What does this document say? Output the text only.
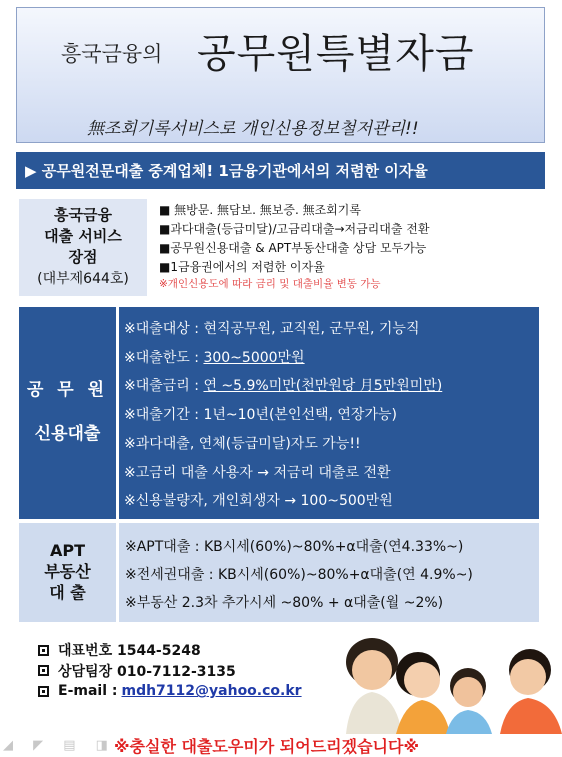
흥국금융의 공무원특별자금
無조회기록서비스로 개인신용정보철저관리!!
▶ 공무원전문대출 중계업체! 1금융기관에서의 저렴한 이자율
흥국금융
대출 서비스
장점
(대부제644호)
■ 無방문. 無담보. 無보증. 無조회기록
■과다대출(등급미달)/고금리대출→저금리대출 전환
■공무원신용대출 & APT부동산대출 상담 모두가능
■1금융권에서의 저렴한 이자율
※개인신용도에 따라 금리 및 대출비율 변동 가능
공 무 원
신용대출
※대출대상 : 현직공무원, 교직원, 군무원, 기능직
※대출한도 : 300~5000만원
※대출금리 : 연 ~5.9%미만(천만원당 月5만원미만)
※대출기간 : 1년~10년(본인선택, 연장가능)
※과다대출, 연체(등급미달)자도 가능!!
※고금리 대출 사용자 → 저금리 대출로 전환
※신용불량자, 개인회생자 → 100~500만원
APT
부동산
대 출
※APT대출 : KB시세(60%)~80%+α대출(연4.33%~)
※전세권대출 : KB시세(60%)~80%+α대출(연 4.9%~)
※부동산 2.3차 추가시세 ~80% + α대출(월 ~2%)
대표번호 1544-5248
상담팀장 010-7112-3135
E-mail : mdh7112@yahoo.co.kr
◢ ◤ ▤ ◨
※충실한 대출도우미가 되어드리겠습니다※
